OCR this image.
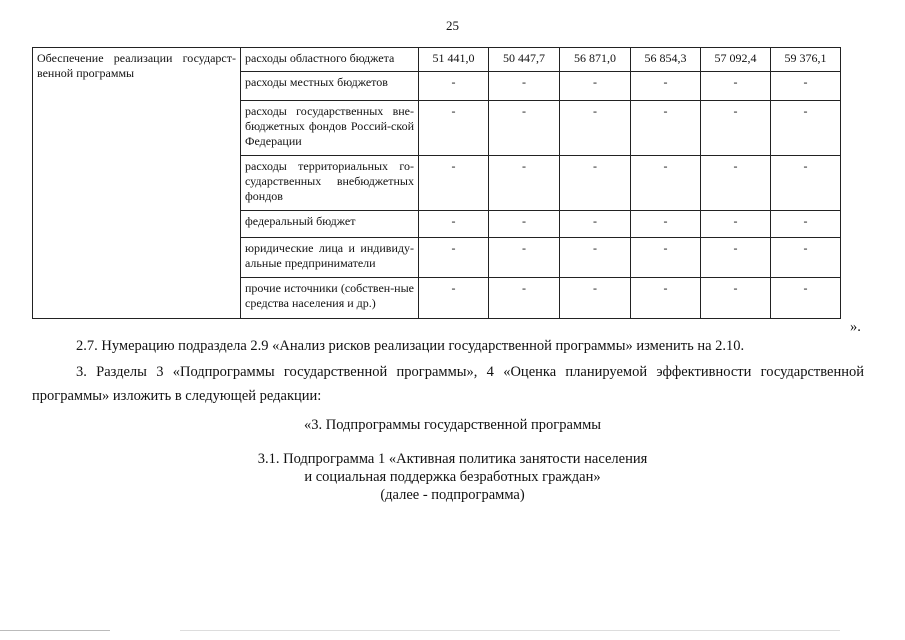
25
Обеспечение реализации государст-венной программы	расходы областного бюджета	51 441,0	50 447,7	56 871,0	56 854,3	57 092,4	59 376,1
	расходы местных бюджетов	-	-	-	-	-	-
	расходы государственных вне-бюджетных фондов Россий-ской Федерации	-	-	-	-	-	-
	расходы территориальных го-сударственных внебюджетных фондов	-	-	-	-	-	-
	федеральный бюджет	-	-	-	-	-	-
	юридические лица и индивиду-альные предприниматели	-	-	-	-	-	-
	прочие источники (собствен-ные средства населения и др.)	-	-	-	-	-	-
».

2.7. Нумерацию подраздела 2.9 «Анализ рисков реализации государственной программы» изменить на 2.10.

3. Разделы 3 «Подпрограммы государственной программы», 4 «Оценка планируемой эффективности государственной программы» изложить в следующей редакции:

«3. Подпрограммы государственной программы
3.1. Подпрограмма 1 «Активная политика занятости населения
и социальная поддержка безработных граждан»
(далее - подпрограмма)
